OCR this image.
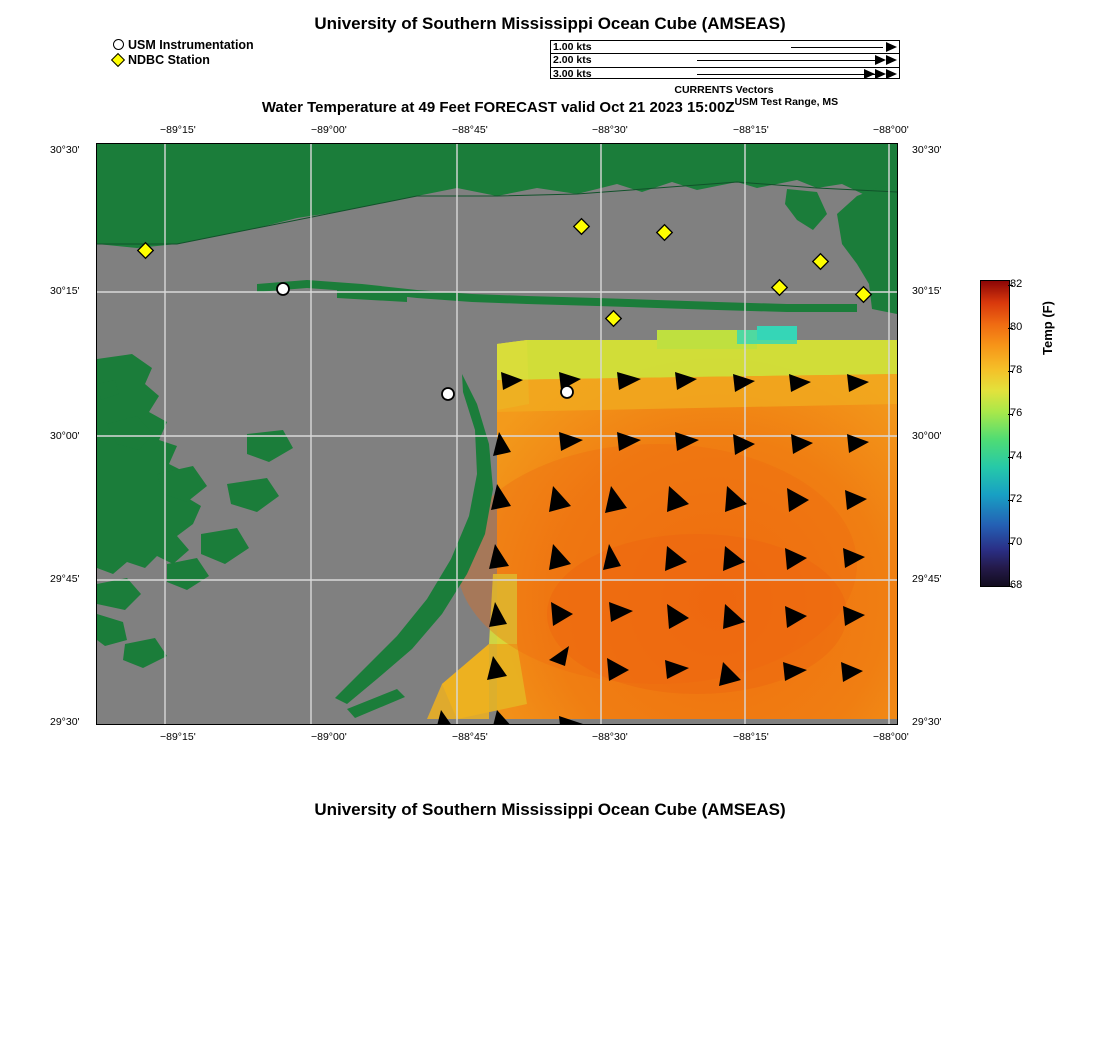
University of Southern Mississippi Ocean Cube (AMSEAS)
Water Temperature at 49 Feet FORECAST valid Oct 21 2023 $15:00Z^{USM Test Range, MS}$
University of Southern Mississippi Ocean Cube (AMSEAS)
USM Instrumentation
NDBC Station
1.00 kts
2.00 kts
3.00 kts
CURRENTS Vectors
−89°15'	−89°00'	−88°45'	−88°30'	−88°15'	−88°00'
−89°15'	−89°00'	−88°45'	−88°30'	−88°15'	−88°00'
30°30'
30°15'
30°00'
29°45'
29°30'
30°30'
30°15'
30°00'
29°45'
29°30'
82
80
78
76
74
72
70
68
Temp (F)
